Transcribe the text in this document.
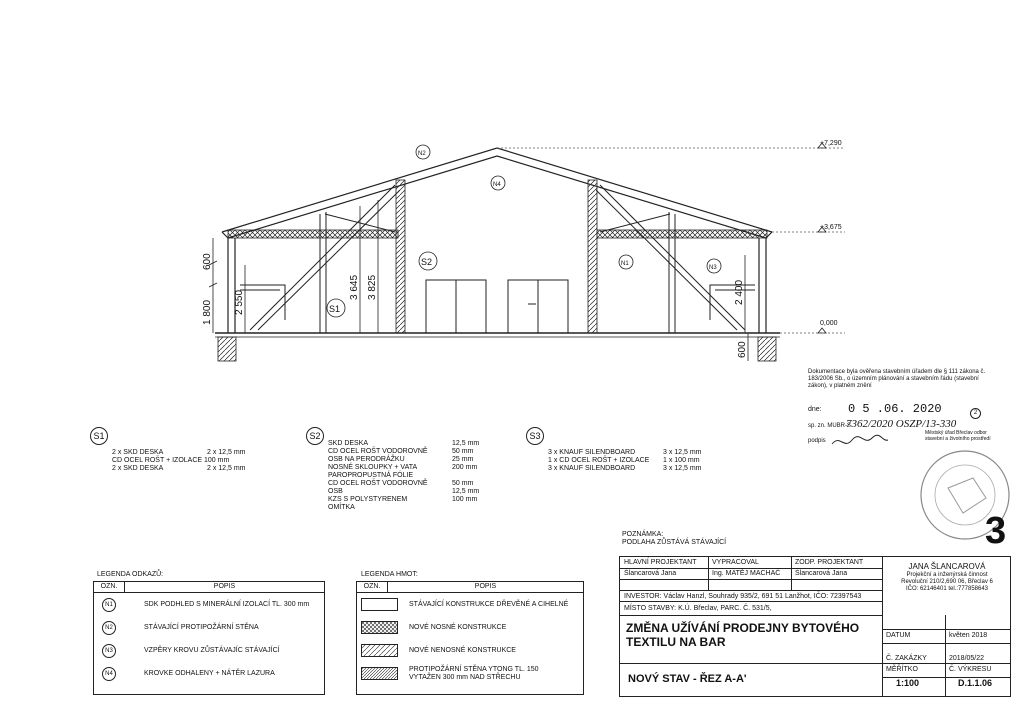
+7,290
+3,675
0,000
600
1 800 2 550
3 645 3 825	2 400
600
N2
N4
S2
S1
N1
N3
Dokumentace byla ověřena stavebním úřadem dle § 111 zákona č. 183/2006 Sb., o územním plánování a stavebním řádu (stavební zákon), v platném znění
dne: 0 5 .06. 2020	2
sp. zn. MUBR-S
7362/2020 OSZP/13-330
podpis
Městský úřad Břeclav odbor stavební a životního prostředí
3
S1
2 x SKD DESKA	2 x 12,5 mm
CD OCEL ROŠT + IZOLACE 100 mm
2 x SKD DESKA	2 x 12,5 mm
S2
SKD DESKA	12,5 mm
CD OCEL ROŠT VODOROVNĚ	50 mm
OSB NA PERODRÁŽKU	25 mm
NOSNÉ SKLOUPKY + VATA	200 mm
PAROPROPUSTNÁ FÓLIE
CD OCEL ROŠT VODOROVNĚ	50 mm
OSB	12,5 mm
KZS S POLYSTYRENEM	100 mm
OMÍTKA
S3
3 x KNAUF SILENDBOARD	3 x 12,5 mm
1 x CD OCEL ROŠT + IZOLACE	1 x 100 mm
3 x KNAUF SILENDBOARD	3 x 12,5 mm
LEGENDA ODKAZŮ:
OZN.	POPIS
N1	SDK PODHLED S MINERÁLNÍ IZOLACÍ TL. 300 mm
N2	STÁVAJÍCÍ PROTIPOŽÁRNÍ STĚNA
N3	VZPĚRY KROVU ZŮSTÁVAJÍC STÁVAJÍCÍ
N4	KROVKE ODHALENY + NÁTĚR LAZURA
LEGENDA HMOT:
OZN.	POPIS
STÁVAJÍCÍ KONSTRUKCE DŘEVĚNÉ A CIHELNÉ
NOVÉ NOSNÉ KONSTRUKCE
NOVÉ NENOSNÉ KONSTRUKCE
PROTIPOŽÁRNÍ STĚNA YTONG TL. 150 VYTAŽEN 300 mm NAD STŘECHU
POZNÁMKA:
PODLAHA ZŮSTÁVÁ STÁVAJÍCÍ
HLAVNÍ PROJEKTANT
Šlancarová Jana
VYPRACOVAL
Ing. MATĚJ MACHAČ
ZODP. PROJEKTANT
Šlancarová Jana
INVESTOR: Václav Hanzl, Souhrady 935/2, 691 51 Lanžhot, IČO: 72397543
MÍSTO STAVBY: K.Ú. Břeclav, PARC. Č. 531/5,
JANA ŠLANCAROVÁ
Projekční a inženýrská činnost
Revoluční 210/2,690 06, Břeclav 6
IČO: 62146401 tel.:777858643
ZMĚNA UŽÍVÁNÍ PRODEJNY BYTOVÉHO TEXTILU NA BAR	DATUM	květen 2018
Č. ZAKÁZKY	2018/05/22
NOVÝ STAV - ŘEZ A-A'
MĚŘÍTKO
1:100
Č. VÝKRESU
D.1.1.06
